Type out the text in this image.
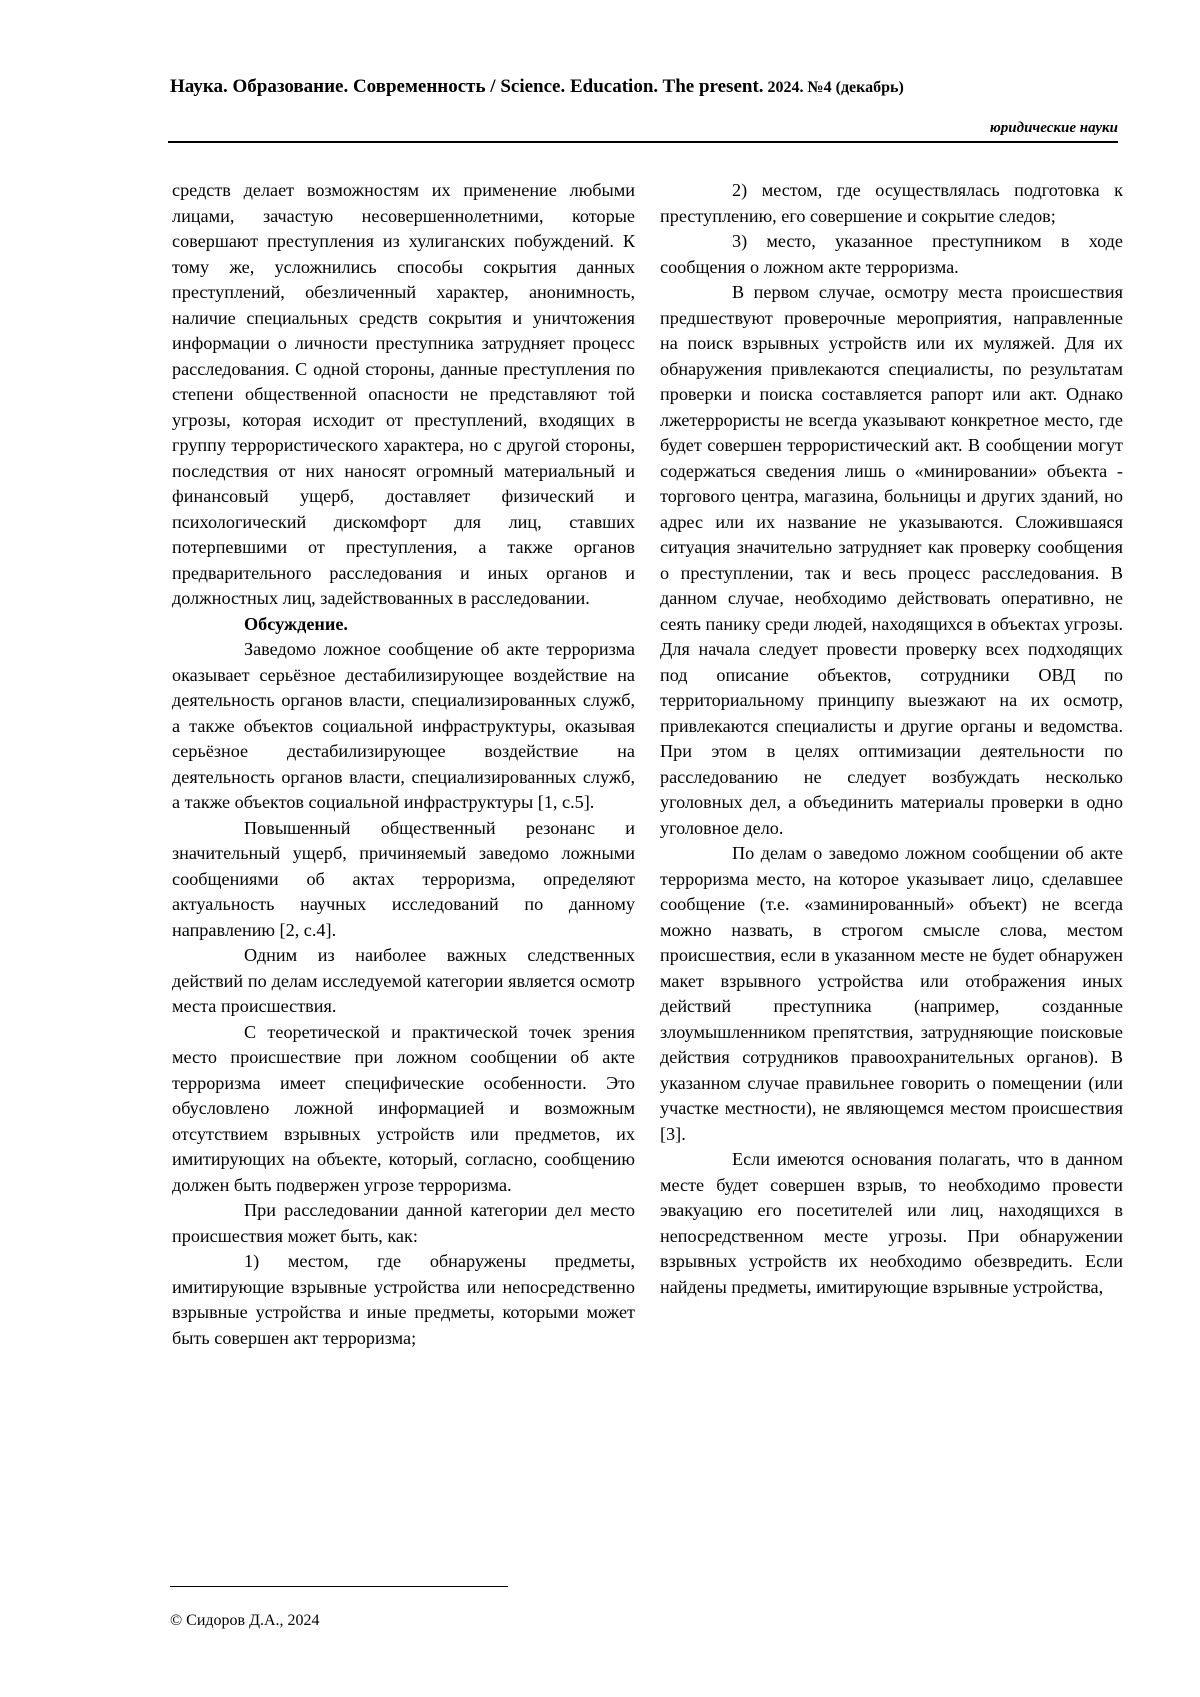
Наука. Образование. Современность / Science. Education. The present. 2024. №4 (декабрь)
юридические науки

средств делает возможностям их применение любыми лицами, зачастую несовершеннолетними, которые совершают преступления из хулиганских побуждений. К тому же, усложнились способы сокрытия данных преступлений, обезличенный характер, анонимность, наличие специальных средств сокрытия и уничтожения информации о личности преступника затрудняет процесс расследования. С одной стороны, данные преступления по степени общественной опасности не представляют той угрозы, которая исходит от преступлений, входящих в группу террористического характера, но с другой стороны, последствия от них наносят огромный материальный и финансовый ущерб, доставляет физический и психологический дискомфорт для лиц, ставших потерпевшими от преступления, а также органов предварительного расследования и иных органов и должностных лиц, задействованных в расследовании.

Обсуждение.

Заведомо ложное сообщение об акте терроризма оказывает серьёзное дестабилизирующее воздействие на деятельность органов власти, специализированных служб, а также объектов социальной инфраструктуры, оказывая серьёзное дестабилизирующее воздействие на деятельность органов власти, специализированных служб, а также объектов социальной инфраструктуры [1, с.5].

Повышенный общественный резонанс и значительный ущерб, причиняемый заведомо ложными сообщениями об актах терроризма, определяют актуальность научных исследований по данному направлению [2, с.4].

Одним из наиболее важных следственных действий по делам исследуемой категории является осмотр места происшествия.

С теоретической и практической точек зрения место происшествие при ложном сообщении об акте терроризма имеет специфические особенности. Это обусловлено ложной информацией и возможным отсутствием взрывных устройств или предметов, их имитирующих на объекте, который, согласно, сообщению должен быть подвержен угрозе терроризма.

При расследовании данной категории дел место происшествия может быть, как:

1) местом, где обнаружены предметы, имитирующие взрывные устройства или непосредственно взрывные устройства и иные предметы, которыми может быть совершен акт терроризма;

2) местом, где осуществлялась подготовка к преступлению, его совершение и сокрытие следов;

3) место, указанное преступником в ходе сообщения о ложном акте терроризма.

В первом случае, осмотру места происшествия предшествуют проверочные мероприятия, направленные на поиск взрывных устройств или их муляжей. Для их обнаружения привлекаются специалисты, по результатам проверки и поиска составляется рапорт или акт. Однако лжетеррористы не всегда указывают конкретное место, где будет совершен террористический акт. В сообщении могут содержаться сведения лишь о «минировании» объекта - торгового центра, магазина, больницы и других зданий, но адрес или их название не указываются. Сложившаяся ситуация значительно затрудняет как проверку сообщения о преступлении, так и весь процесс расследования. В данном случае, необходимо действовать оперативно, не сеять панику среди людей, находящихся в объектах угрозы. Для начала следует провести проверку всех подходящих под описание объектов, сотрудники ОВД по территориальному принципу выезжают на их осмотр, привлекаются специалисты и другие органы и ведомства. При этом в целях оптимизации деятельности по расследованию не следует возбуждать несколько уголовных дел, а объединить материалы проверки в одно уголовное дело.

По делам о заведомо ложном сообщении об акте терроризма место, на которое указывает лицо, сделавшее сообщение (т.е. «заминированный» объект) не всегда можно назвать, в строгом смысле слова, местом происшествия, если в указанном месте не будет обнаружен макет взрывного устройства или отображения иных действий преступника (например, созданные злоумышленником препятствия, затрудняющие поисковые действия сотрудников правоохранительных органов). В указанном случае правильнее говорить о помещении (или участке местности), не являющемся местом происшествия [3].

Если имеются основания полагать, что в данном месте будет совершен взрыв, то необходимо провести эвакуацию его посетителей или лиц, находящихся в непосредственном месте угрозы. При обнаружении взрывных устройств их необходимо обезвредить. Если найдены предметы, имитирующие взрывные устройства,

© Сидоров Д.А., 2024
